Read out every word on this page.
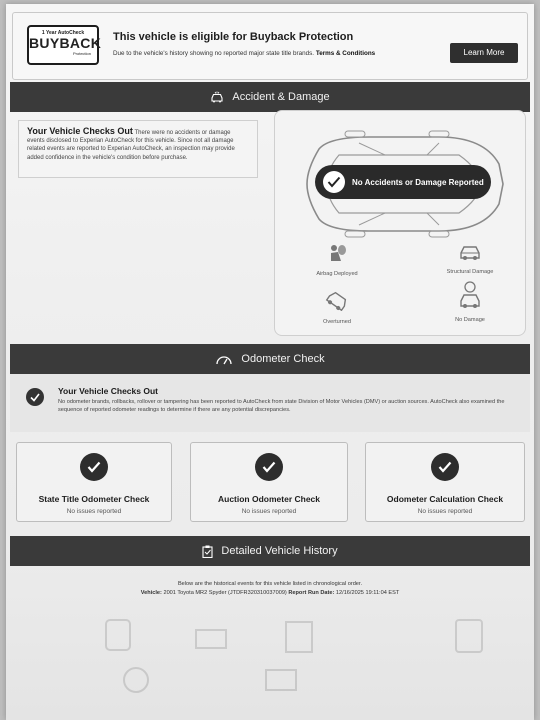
1 Year AutoCheck
BUYBACK
Protection
This vehicle is eligible for Buyback Protection
Due to the vehicle's history showing no reported major state title brands. Terms & Conditions	Learn More
Accident & Damage
Your Vehicle Checks Out There were no accidents or damage events disclosed to Experian AutoCheck for this vehicle. Since not all damage related events are reported to Experian AutoCheck, an inspection may provide added confidence in the vehicle's condition before purchase.
No Accidents or Damage Reported
Airbag Deployed	Structural Damage
Overturned	No Damage
Odometer Check
Your Vehicle Checks Out
No odometer brands, rollbacks, rollover or tampering has been reported to AutoCheck from state Division of Motor Vehicles (DMV) or auction sources. AutoCheck also examined the sequence of reported odometer readings to determine if there are any potential discrepancies.
State Title Odometer Check
No issues reported
Auction Odometer Check
No issues reported
Odometer Calculation Check
No issues reported
Detailed Vehicle History
Below are the historical events for this vehicle listed in chronological order.
Vehicle: 2001 Toyota MR2 Spyder (JTDFR320310037009) Report Run Date: 12/16/2025 19:11:04 EST
